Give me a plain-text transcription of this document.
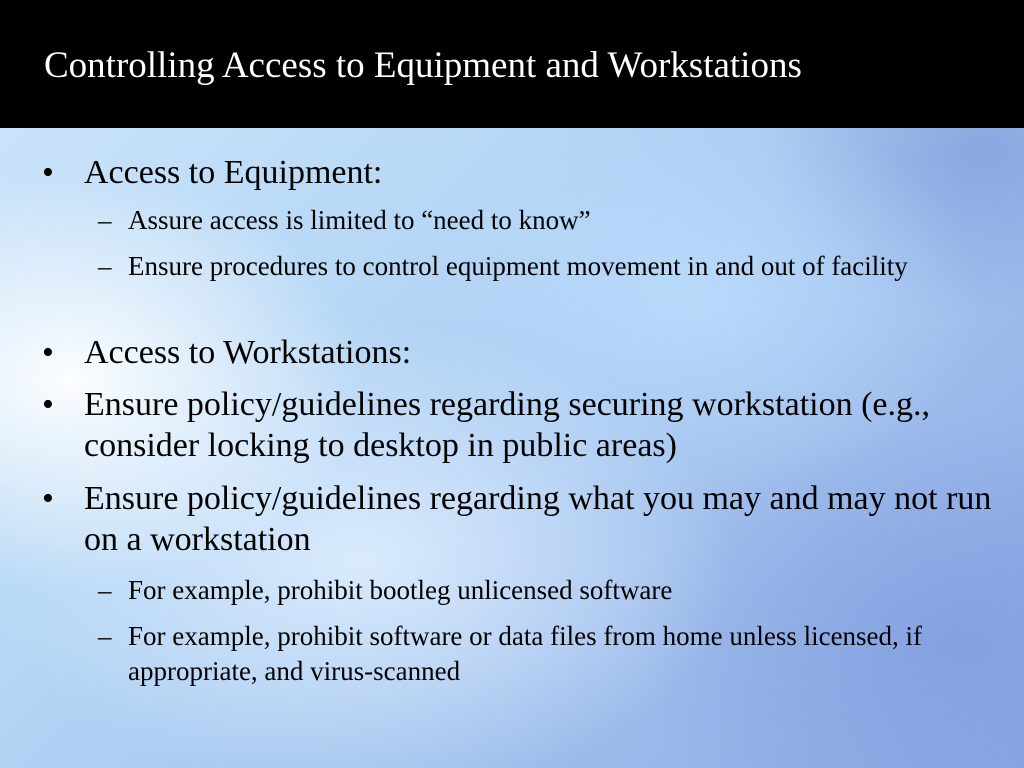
Controlling Access to Equipment and Workstations
• Access to Equipment:
– Assure access is limited to “need to know”
– Ensure procedures to control equipment movement in and out of facility
• Access to Workstations:
• Ensure policy/guidelines regarding securing workstation (e.g., consider locking to desktop in public areas)
• Ensure policy/guidelines regarding what you may and may not run on a workstation
– For example, prohibit bootleg unlicensed software
– For example, prohibit software or data files from home unless licensed, if appropriate, and virus-scanned
